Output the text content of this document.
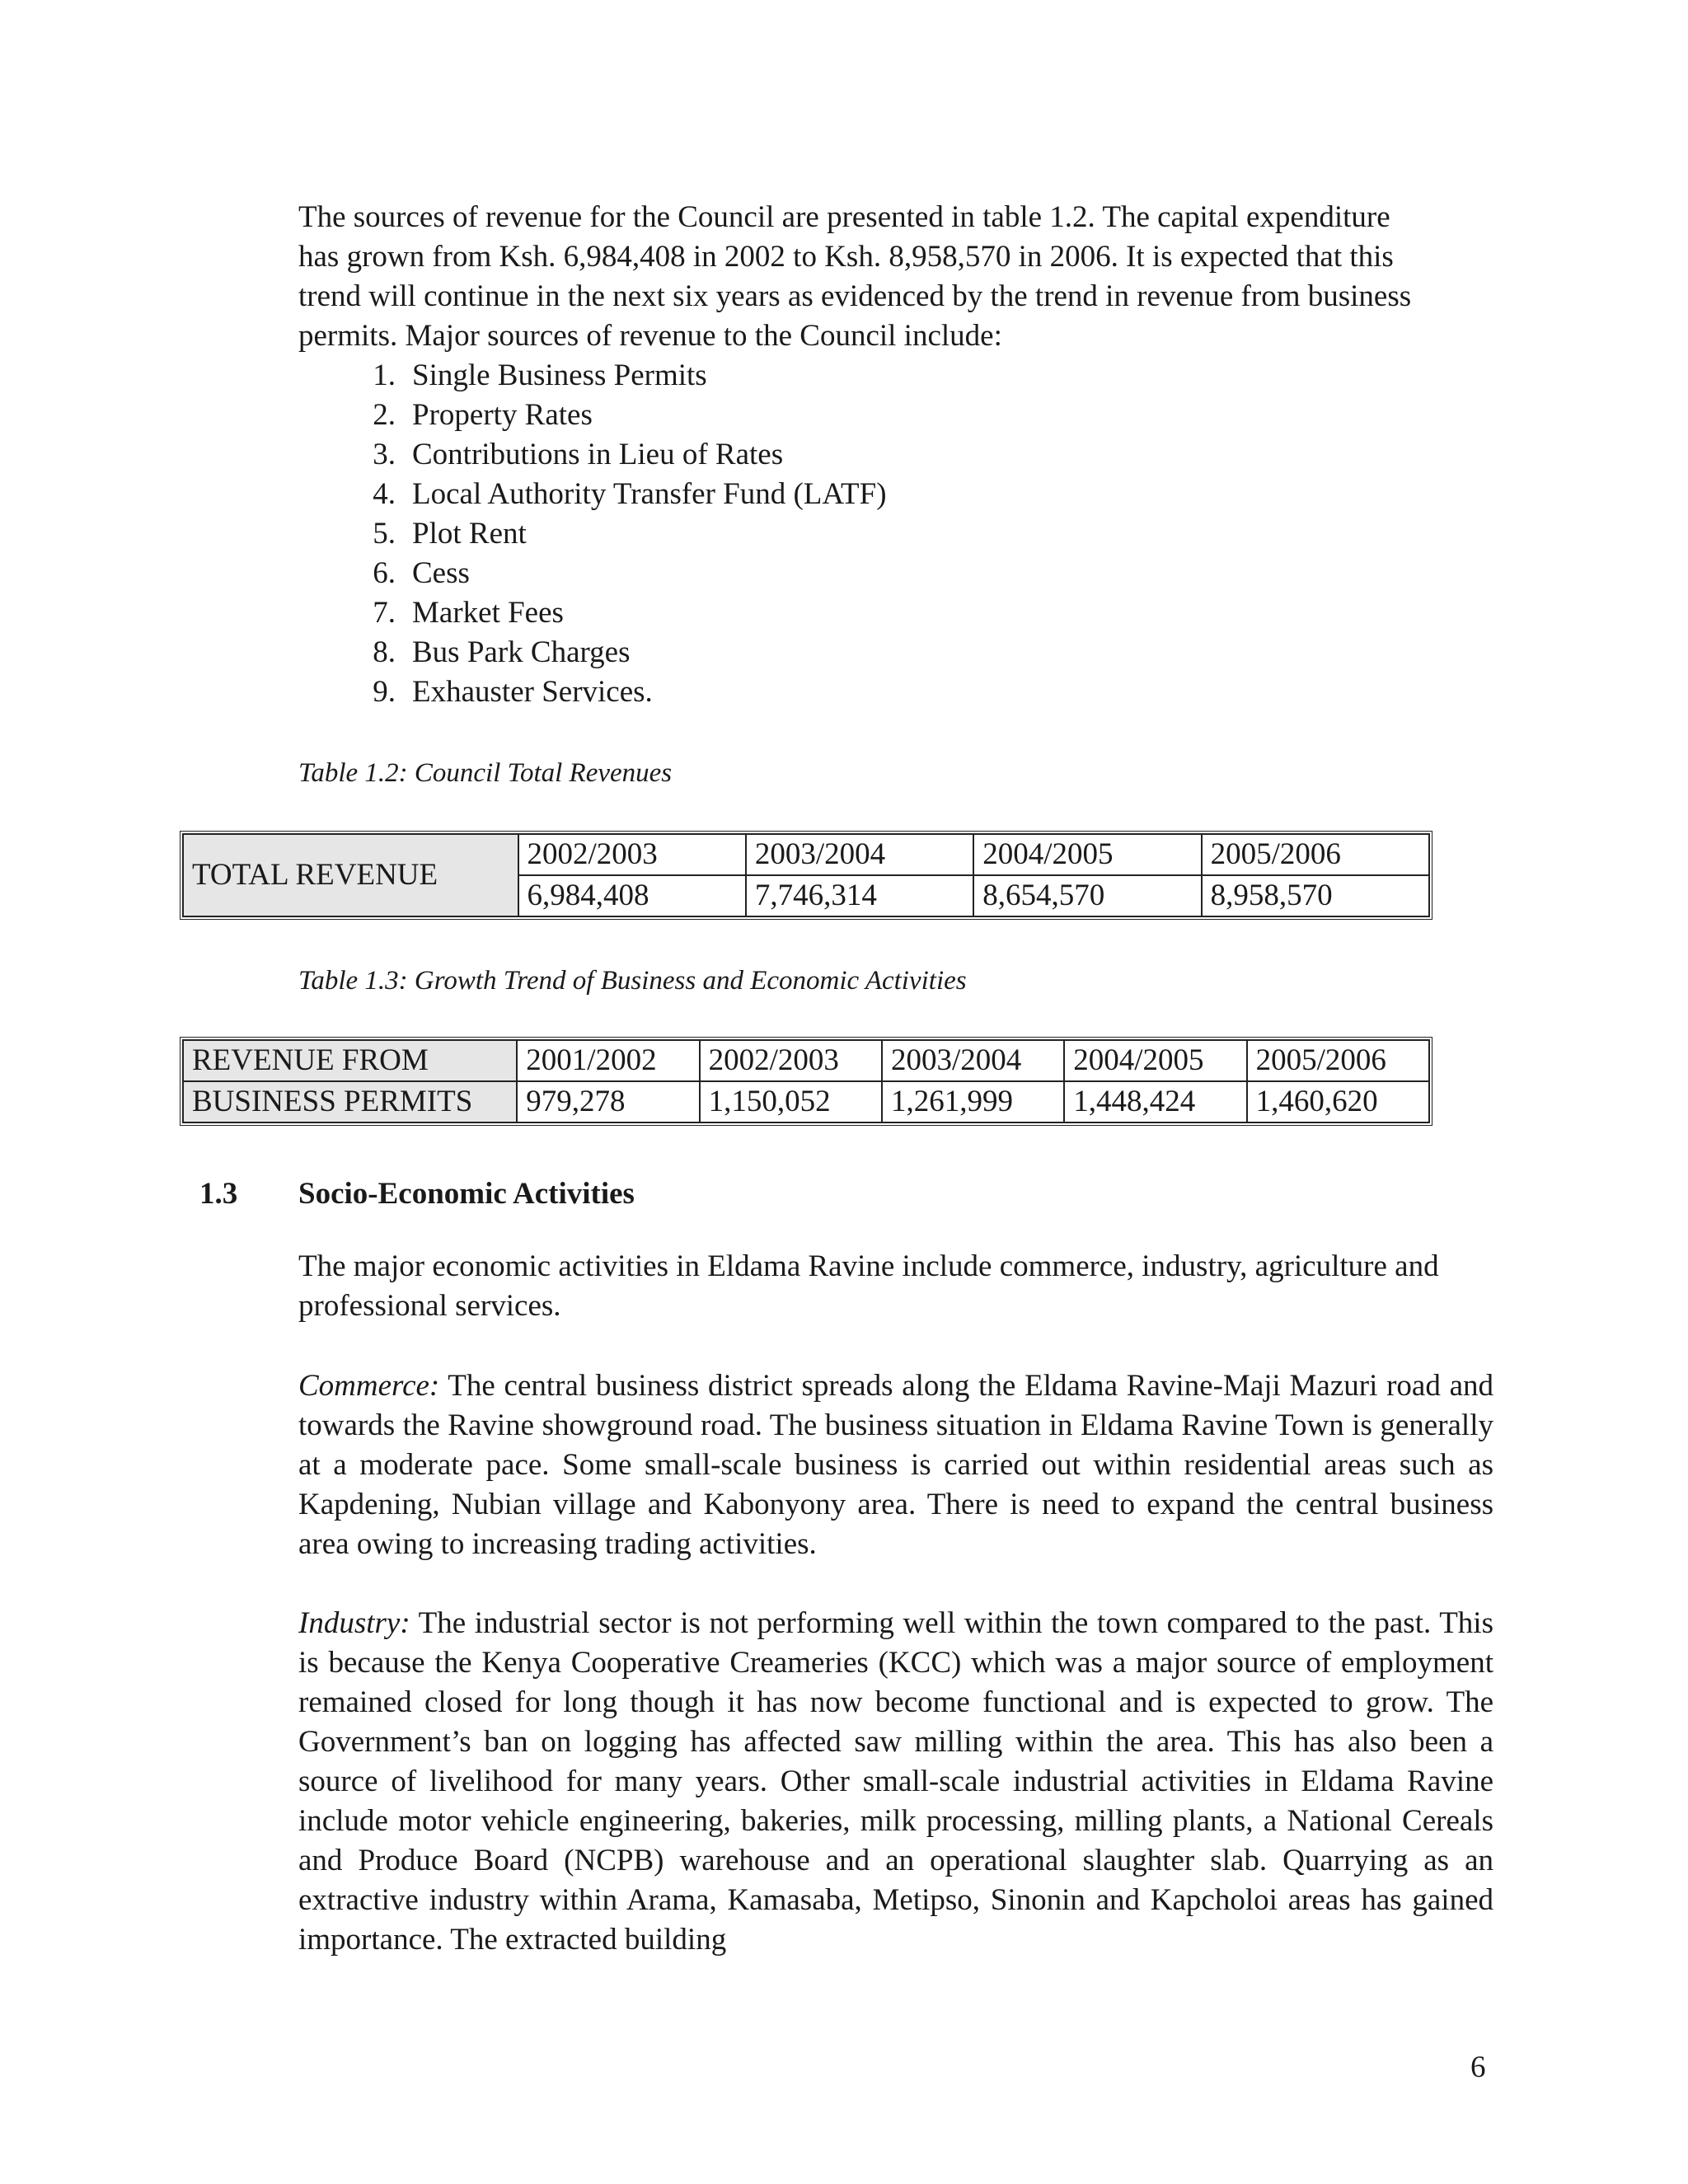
The sources of revenue for the Council are presented in table 1.2. The capital expenditure
has grown from Ksh. 6,984,408 in 2002 to Ksh. 8,958,570 in 2006. It is expected that this
trend will continue in the next six years as evidenced by the trend in revenue from business
permits. Major sources of revenue to the Council include:
1. Single Business Permits
2. Property Rates
3. Contributions in Lieu of Rates
4. Local Authority Transfer Fund (LATF)
5. Plot Rent
6. Cess
7. Market Fees
8. Bus Park Charges
9. Exhauster Services.
Table 1.2: Council Total Revenues
TOTAL REVENUE	2002/2003	2003/2004	2004/2005	2005/2006
	6,984,408	7,746,314	8,654,570	8,958,570
Table 1.3: Growth Trend of Business and Economic Activities
REVENUE FROM	2001/2002	2002/2003	2003/2004	2004/2005	2005/2006
BUSINESS PERMITS	979,278	1,150,052	1,261,999	1,448,424	1,460,620
1.3 Socio-Economic Activities

The major economic activities in Eldama Ravine include commerce, industry, agriculture and professional services.

Commerce: The central business district spreads along the Eldama Ravine-Maji Mazuri road and towards the Ravine showground road. The business situation in Eldama Ravine Town is generally at a moderate pace. Some small-scale business is carried out within residential areas such as Kapdening, Nubian village and Kabonyony area. There is need to expand the central business area owing to increasing trading activities.

Industry: The industrial sector is not performing well within the town compared to the past. This is because the Kenya Cooperative Creameries (KCC) which was a major source of employment remained closed for long though it has now become functional and is expected to grow. The Government’s ban on logging has affected saw milling within the area. This has also been a source of livelihood for many years. Other small-scale industrial activities in Eldama Ravine include motor vehicle engineering, bakeries, milk processing, milling plants, a National Cereals and Produce Board (NCPB) warehouse and an operational slaughter slab. Quarrying as an extractive industry within Arama, Kamasaba, Metipso, Sinonin and Kapcholoi areas has gained importance. The extracted building

6
